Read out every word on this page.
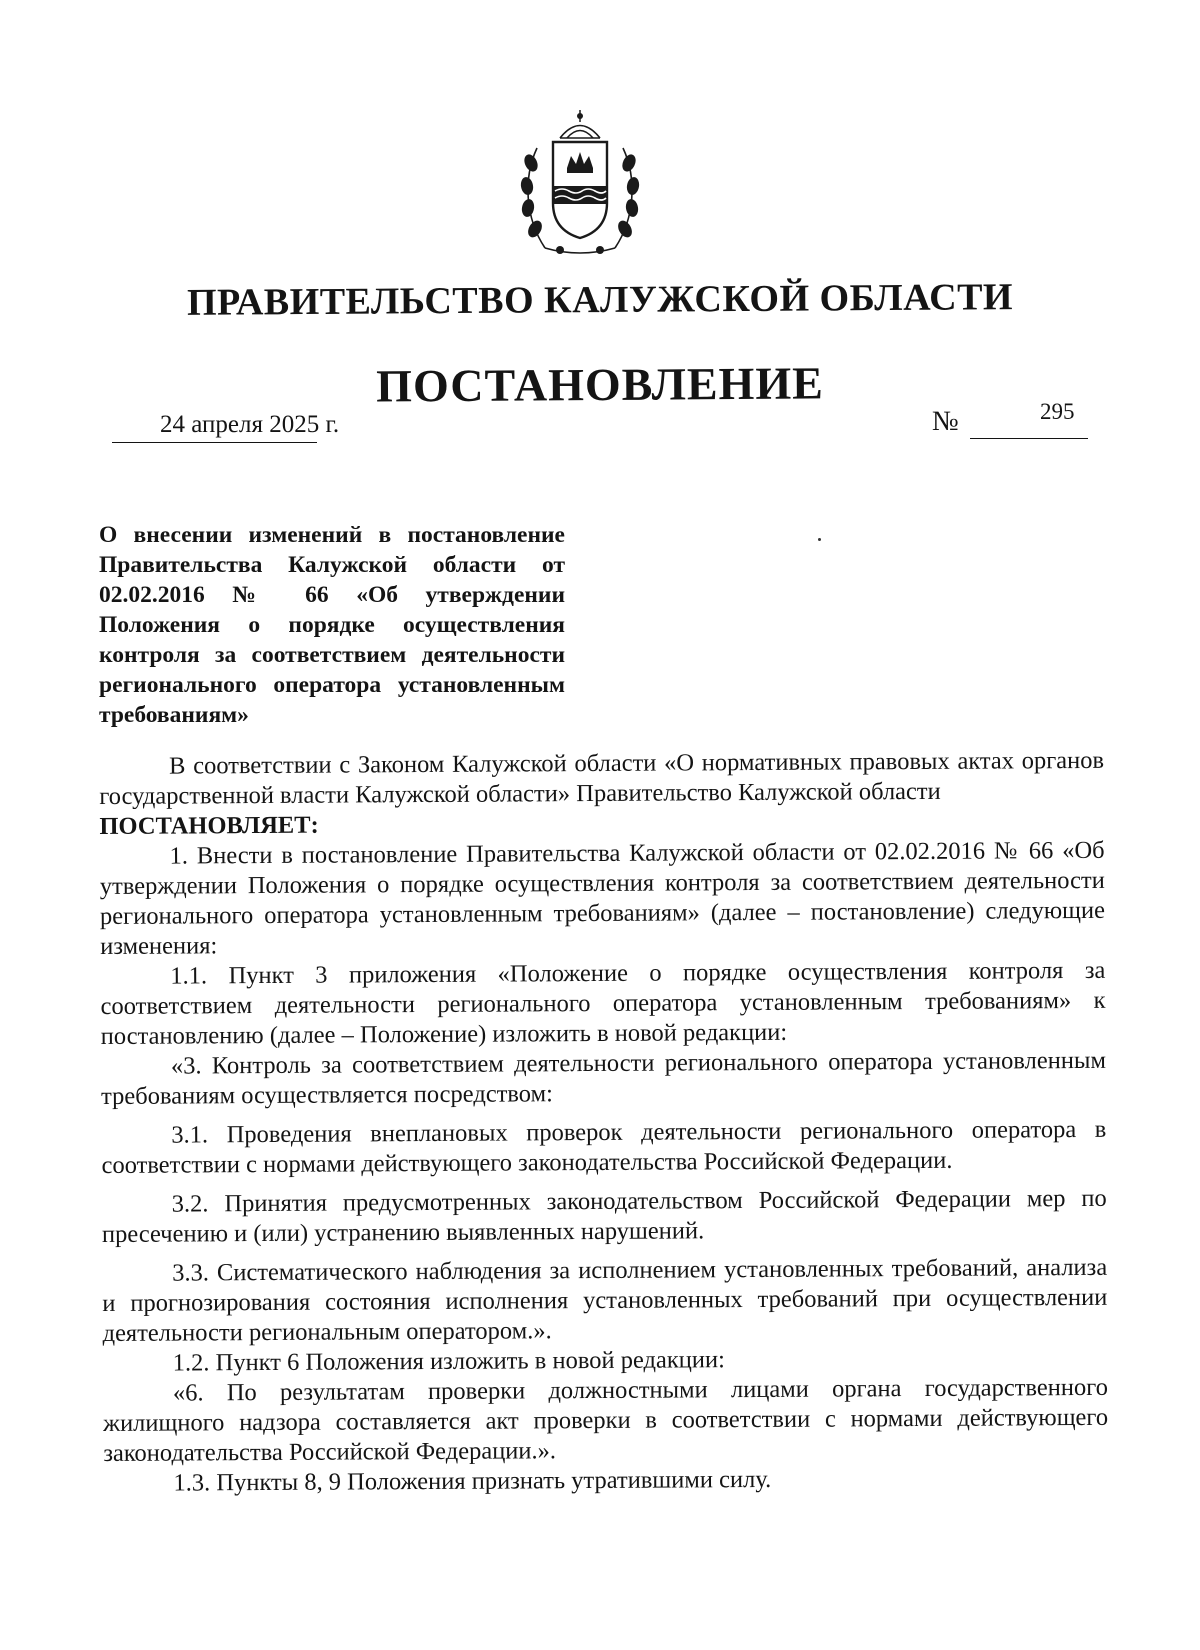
ПРАВИТЕЛЬСТВО КАЛУЖСКОЙ ОБЛАСТИ
ПОСТАНОВЛЕНИЕ
24 апреля 2025 г.	№	295
О внесении изменений в постановление Правительства Калужской области от 02.02.2016 № 66 «Об утверждении Положения о порядке осуществления контроля за соответствием деятельности регионального оператора установленным требованиям»

В соответствии с Законом Калужской области «О нормативных правовых актах органов государственной власти Калужской области» Правительство Калужской области

ПОСТАНОВЛЯЕТ:

1. Внести в постановление Правительства Калужской области от 02.02.2016 № 66 «Об утверждении Положения о порядке осуществления контроля за соответствием деятельности регионального оператора установленным требованиям» (далее – постановление) следующие изменения:

1.1. Пункт 3 приложения «Положение о порядке осуществления контроля за соответствием деятельности регионального оператора установленным требованиям» к постановлению (далее – Положение) изложить в новой редакции:

«3. Контроль за соответствием деятельности регионального оператора установленным требованиям осуществляется посредством:

3.1. Проведения внеплановых проверок деятельности регионального оператора в соответствии с нормами действующего законодательства Российской Федерации.

3.2. Принятия предусмотренных законодательством Российской Федерации мер по пресечению и (или) устранению выявленных нарушений.

3.3. Систематического наблюдения за исполнением установленных требований, анализа и прогнозирования состояния исполнения установленных требований при осуществлении деятельности региональным оператором.».

1.2. Пункт 6 Положения изложить в новой редакции:

«6. По результатам проверки должностными лицами органа государственного жилищного надзора составляется акт проверки в соответствии с нормами действующего законодательства Российской Федерации.».

1.3. Пункты 8, 9 Положения признать утратившими силу.
